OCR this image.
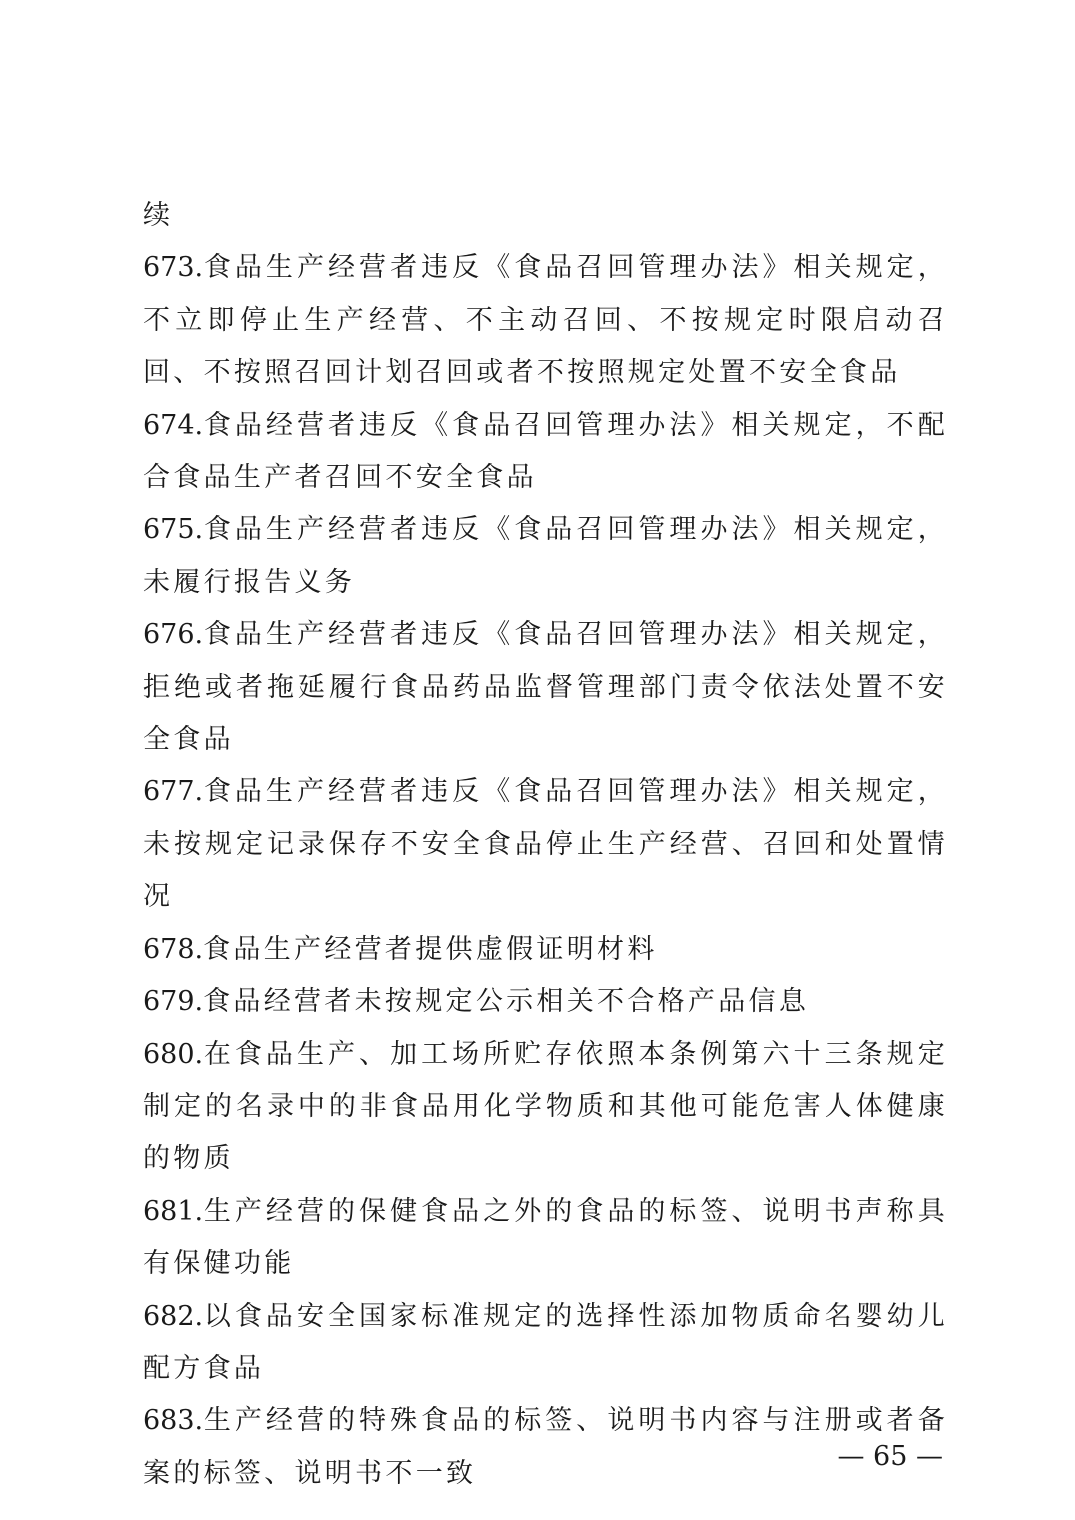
续

673.食品生产经营者违反《食品召回管理办法》相关规定，不立即停止生产经营、不主动召回、不按规定时限启动召回、不按照召回计划召回或者不按照规定处置不安全食品

674.食品经营者违反《食品召回管理办法》相关规定，不配合食品生产者召回不安全食品

675.食品生产经营者违反《食品召回管理办法》相关规定，未履行报告义务

676.食品生产经营者违反《食品召回管理办法》相关规定，拒绝或者拖延履行食品药品监督管理部门责令依法处置不安全食品

677.食品生产经营者违反《食品召回管理办法》相关规定，未按规定记录保存不安全食品停止生产经营、召回和处置情况

678.食品生产经营者提供虚假证明材料

679.食品经营者未按规定公示相关不合格产品信息

680.在食品生产、加工场所贮存依照本条例第六十三条规定制定的名录中的非食品用化学物质和其他可能危害人体健康的物质

681.生产经营的保健食品之外的食品的标签、说明书声称具有保健功能

682.以食品安全国家标准规定的选择性添加物质命名婴幼儿配方食品

683.生产经营的特殊食品的标签、说明书内容与注册或者备案的标签、说明书不一致

— 65 —
